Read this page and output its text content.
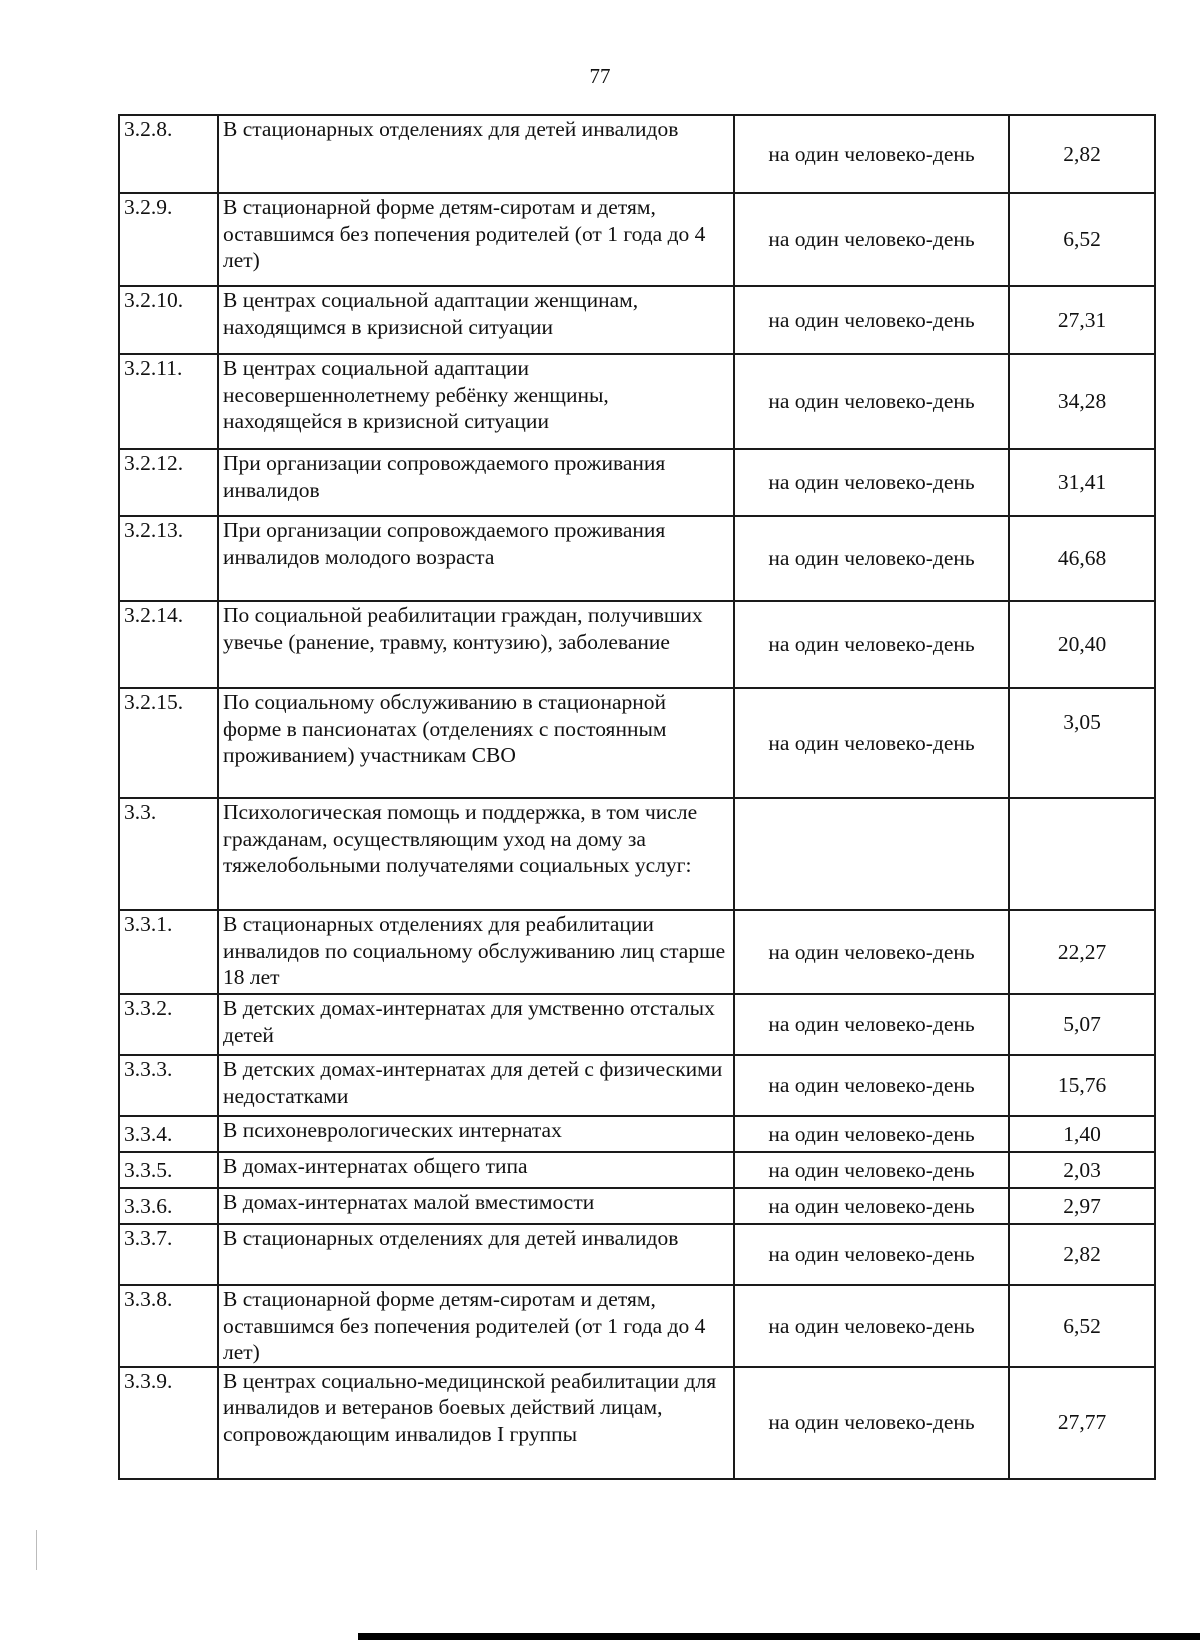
77
3.2.8.	В стационарных отделениях для детей инвалидов	на один человеко-день	2,82
3.2.9.	В стационарной форме детям-сиротам и детям, оставшимся без попечения родителей (от 1 года до 4 лет)	на один человеко-день	6,52
3.2.10.	В центрах социальной адаптации женщинам, находящимся в кризисной ситуации	на один человеко-день	27,31
3.2.11.	В центрах социальной адаптации несовершеннолетнему ребёнку женщины, находящейся в кризисной ситуации	на один человеко-день	34,28
3.2.12.	При организации сопровождаемого проживания инвалидов	на один человеко-день	31,41
3.2.13.	При организации сопровождаемого проживания инвалидов молодого возраста	на один человеко-день	46,68
3.2.14.	По социальной реабилитации граждан, получивших увечье (ранение, травму, контузию), заболевание	на один человеко-день	20,40
3.2.15.	По социальному обслуживанию в стационарной форме в пансионатах (отделениях с постоянным проживанием) участникам СВО	на один человеко-день	3,05
3.3.	Психологическая помощь и поддержка, в том числе гражданам, осуществляющим уход на дому за тяжелобольными получателями социальных услуг:		
3.3.1.	В стационарных отделениях для реабилитации инвалидов по социальному обслуживанию лиц старше 18 лет	на один человеко-день	22,27
3.3.2.	В детских домах-интернатах для умственно отсталых детей	на один человеко-день	5,07
3.3.3.	В детских домах-интернатах для детей с физическими недостатками	на один человеко-день	15,76
3.3.4.	В психоневрологических интернатах	на один человеко-день	1,40
3.3.5.	В домах-интернатах общего типа	на один человеко-день	2,03
3.3.6.	В домах-интернатах малой вместимости	на один человеко-день	2,97
3.3.7.	В стационарных отделениях для детей инвалидов	на один человеко-день	2,82
3.3.8.	В стационарной форме детям-сиротам и детям, оставшимся без попечения родителей (от 1 года до 4 лет)	на один человеко-день	6,52
3.3.9.	В центрах социально-медицинской реабилитации для инвалидов и ветеранов боевых действий лицам, сопровождающим инвалидов I группы	на один человеко-день	27,77
